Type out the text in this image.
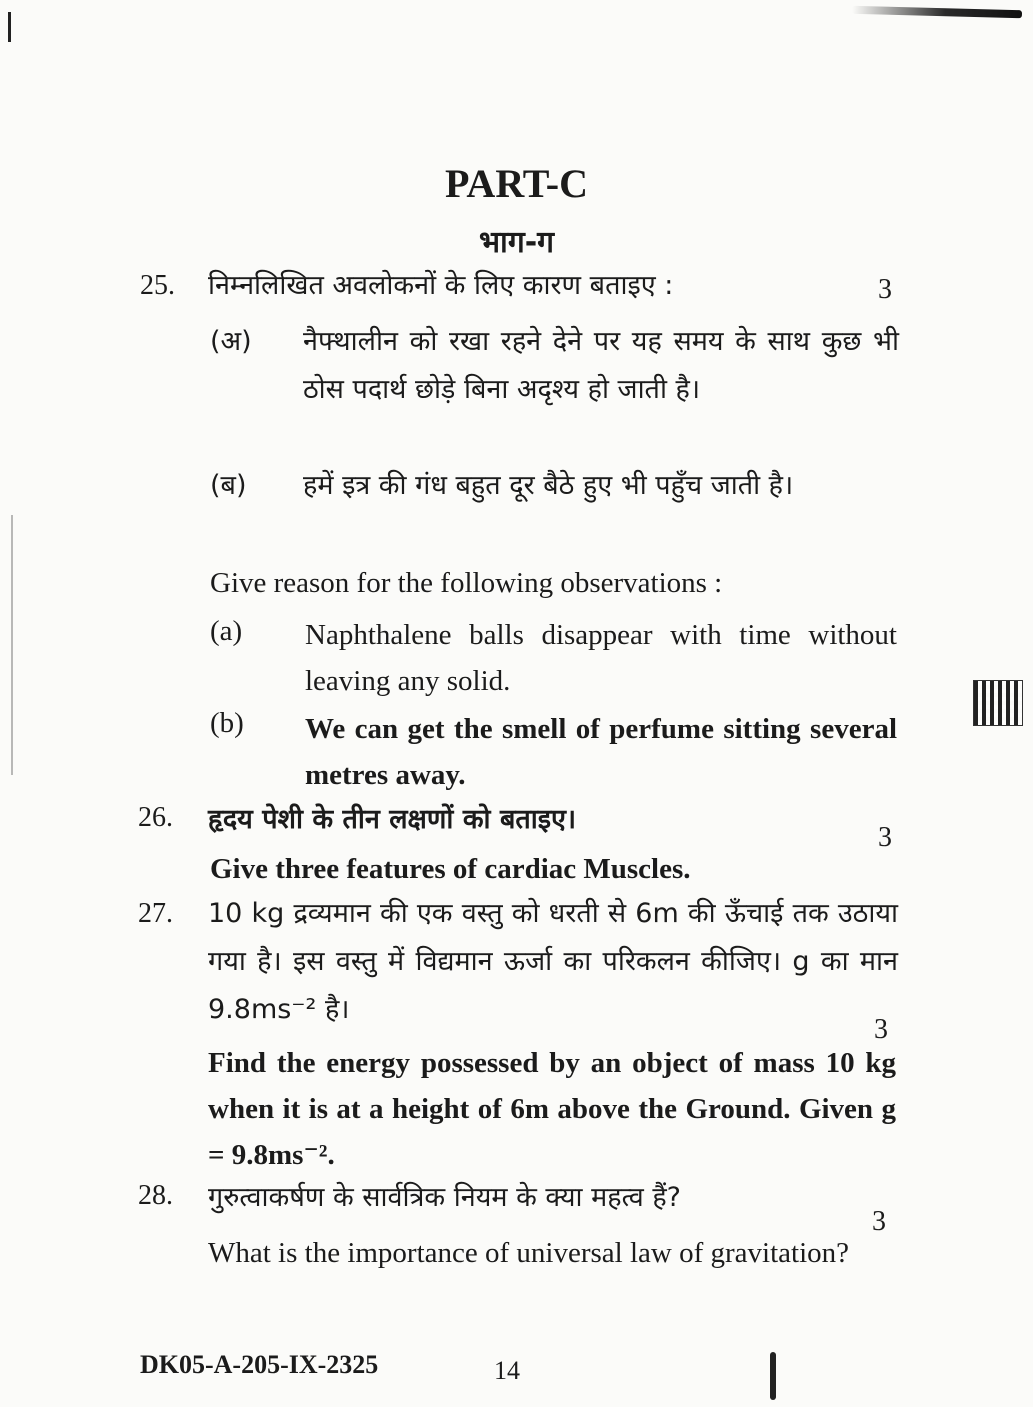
PART-C
भाग-ग
25. निम्नलिखित अवलोकनों के लिए कारण बताइए :	3
(अ) नैफ्थालीन को रखा रहने देने पर यह समय के साथ कुछ भी ठोस पदार्थ छोड़े बिना अदृश्य हो जाती है।
(ब) हमें इत्र की गंध बहुत दूर बैठे हुए भी पहुँच जाती है।
Give reason for the following observations :
(a) Naphthalene balls disappear with time without leaving any solid.
(b) We can get the smell of perfume sitting several metres away.
26. हृदय पेशी के तीन लक्षणों को बताइए।
3
Give three features of cardiac Muscles.
27. 10 kg द्रव्यमान की एक वस्तु को धरती से 6m की ऊँचाई तक उठाया गया है। इस वस्तु में विद्यमान ऊर्जा का परिकलन कीजिए। g का मान 9.8ms⁻² है।
3
Find the energy possessed by an object of mass 10 kg when it is at a height of 6m above the Ground. Given g = 9.8ms⁻².
28. गुरुत्वाकर्षण के सार्वत्रिक नियम के क्या महत्व हैं?
3
What is the importance of universal law of gravitation?
DK05-A-205-IX-2325	14
